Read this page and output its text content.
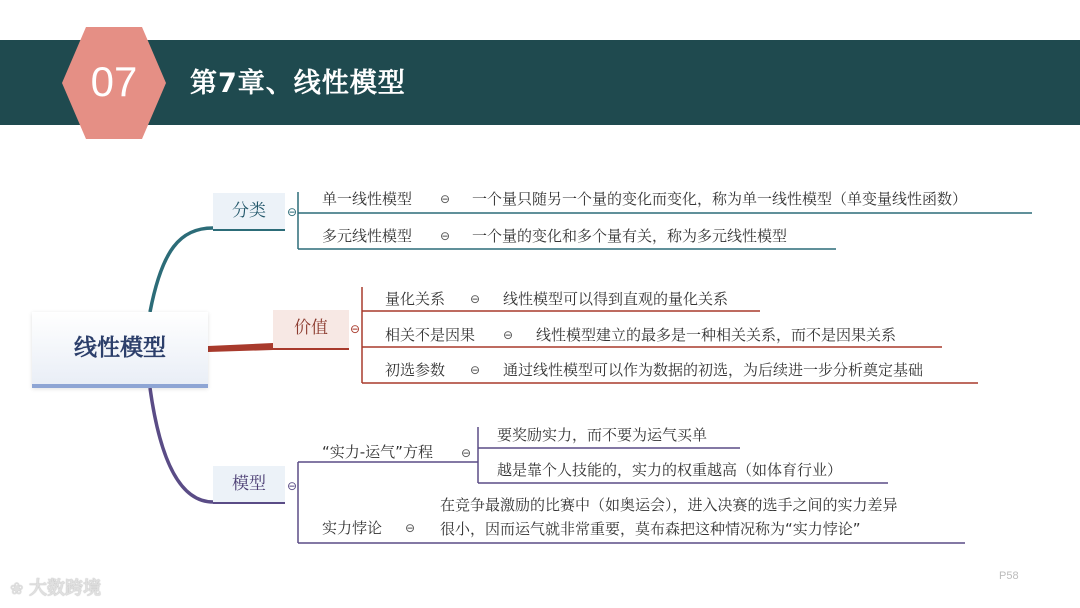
07	第7章、线性模型
线性模型
分类	⊖
单一线性模型 ⊖ 一个量只随另一个量的变化而变化，称为单一线性模型（单变量线性函数）
多元线性模型 ⊖ 一个量的变化和多个量有关，称为多元线性模型
价值	⊖
量化关系 ⊖ 线性模型可以得到直观的量化关系
相关不是因果 ⊖ 线性模型建立的最多是一种相关关系，而不是因果关系
初选参数 ⊖ 通过线性模型可以作为数据的初选，为后续进一步分析奠定基础
模型	⊖
“实力-运气”方程 ⊖
要奖励实力，而不要为运气买单
越是靠个人技能的，实力的权重越高（如体育行业）
实力悖论 ⊖
在竞争最激励的比赛中（如奥运会），进入决赛的选手之间的实力差异
很小，因而运气就非常重要，莫布森把这种情况称为“实力悖论”
P58
❀ 大数跨境
